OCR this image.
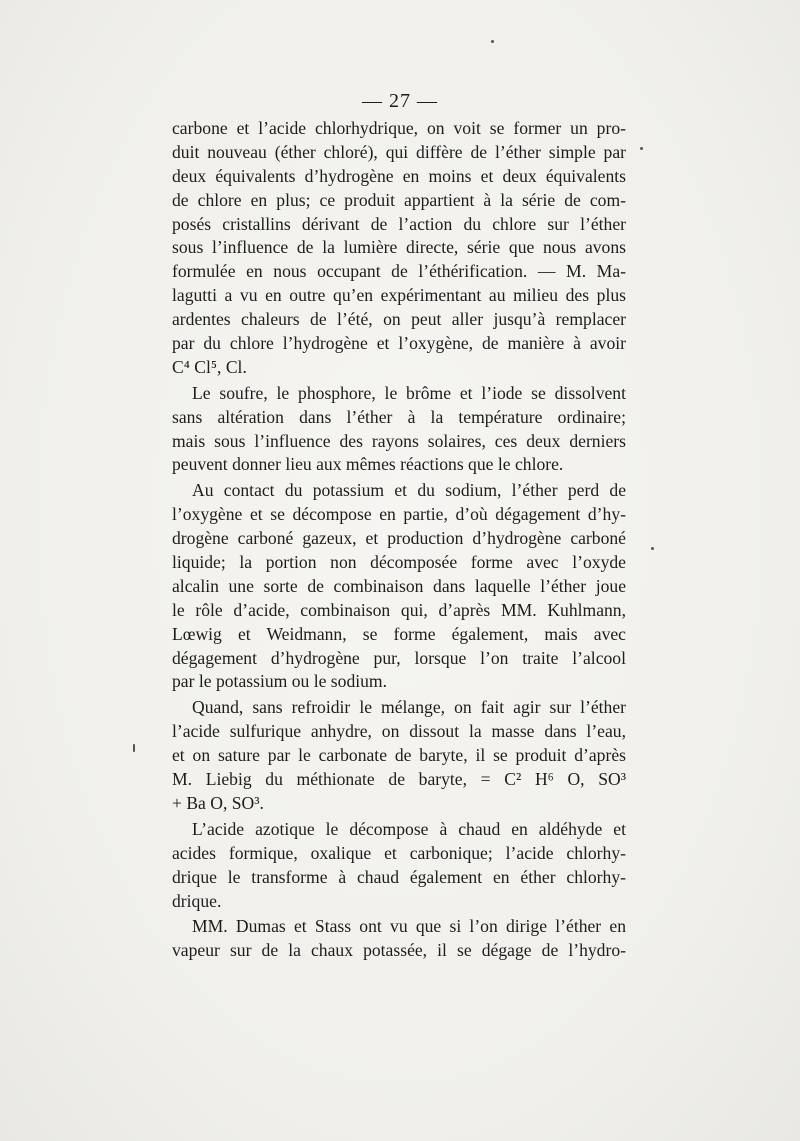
— 27 —
carbone et l’acide chlorhydrique, on voit se former un pro-
duit nouveau (éther chloré), qui diffère de l’éther simple par
deux équivalents d’hydrogène en moins et deux équivalents
de chlore en plus; ce produit appartient à la série de com-
posés cristallins dérivant de l’action du chlore sur l’éther
sous l’influence de la lumière directe, série que nous avons
formulée en nous occupant de l’éthérification. — M. Ma-
lagutti a vu en outre qu’en expérimentant au milieu des plus
ardentes chaleurs de l’été, on peut aller jusqu’à remplacer
par du chlore l’hydrogène et l’oxygène, de manière à avoir
C⁴ Cl⁵, Cl.
Le soufre, le phosphore, le brôme et l’iode se dissolvent
sans altération dans l’éther à la température ordinaire;
mais sous l’influence des rayons solaires, ces deux derniers
peuvent donner lieu aux mêmes réactions que le chlore.
Au contact du potassium et du sodium, l’éther perd de
l’oxygène et se décompose en partie, d’où dégagement d’hy-
drogène carboné gazeux, et production d’hydrogène carboné
liquide; la portion non décomposée forme avec l’oxyde
alcalin une sorte de combinaison dans laquelle l’éther joue
le rôle d’acide, combinaison qui, d’après MM. Kuhlmann,
Lœwig et Weidmann, se forme également, mais avec
dégagement d’hydrogène pur, lorsque l’on traite l’alcool
par le potassium ou le sodium.
Quand, sans refroidir le mélange, on fait agir sur l’éther
l’acide sulfurique anhydre, on dissout la masse dans l’eau,
et on sature par le carbonate de baryte, il se produit d’après
M. Liebig du méthionate de baryte, = C² H⁶ O, SO³
+ Ba O, SO³.
L’acide azotique le décompose à chaud en aldéhyde et
acides formique, oxalique et carbonique; l’acide chlorhy-
drique le transforme à chaud également en éther chlorhy-
drique.
MM. Dumas et Stass ont vu que si l’on dirige l’éther en
vapeur sur de la chaux potassée, il se dégage de l’hydro-
